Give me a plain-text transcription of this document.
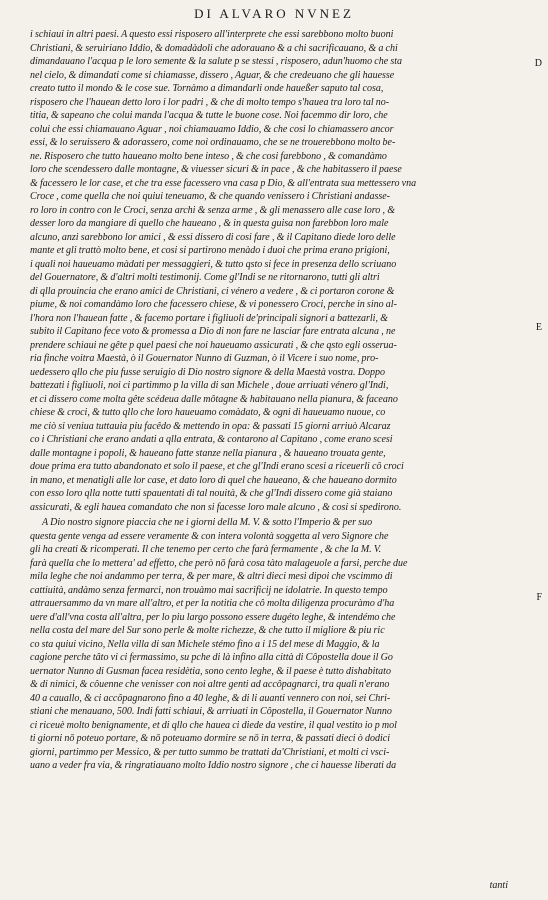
DI ALVARO NVNEZ
D
E
F
i schiaui in altri paesi. A questo essi risposero all'interprete che essi sarebbono molto buoni
Christiani, & seruiriano Iddio, & domadàdoli che adorauano & a chi sacrificauano, & a chi
dimandauano l'acqua p le loro semente & la salute p se stessi , risposero, adun'huomo che sta
nel cielo, & dimandati come si chiamasse, dissero , Aguar, & che credeuano che gli hauesse
creato tutto il mondo & le cose sue. Tornàmo a dimandarli onde haueßer saputo tal cosa,
risposero che l'hauean detto loro i lor padri , & che di molto tempo s'hauea tra loro tal no-
titia, & sapeano che colui manda l'acqua & tutte le buone cose. Noi facemmo dir loro, che
colui che essi chiamauano Aguar , noi chiamauamo Iddio, & che cosi lo chiamassero ancor
essi, & lo seruissero & adorassero, come noi ordinauamo, che se ne trouerebbono molto be-
ne. Risposero che tutto haueano molto bene inteso , & che cosi farebbono , & comandàmo
loro che scendessero dalle montagne, & viuesser sicuri & in pace , & che habitassero il paese
& facessero le lor case, et che tra esse facessero vna casa p Dio, & all'entrata sua mettessero vna
Croce , come quella che noi quiui teneuamo, & che quando venissero i Christiani andasse-
ro loro in contro con le Croci, senza archi & senza arme , & gli menassero alle case loro , &
desser loro da mangiare di quello che haueano , & in questa guisa non farebbon loro male
alcuno, anzi sarebbono lor amici , & essi dissero di cosi fare , & il Capitano diede loro delle
mante et gli trattò molto bene, et cosi si partirono menàdo i duoi che prima erano prigioni,
i quali noi haueuamo màdati per messaggieri, & tutto qsto si fece in presenza dello scriuano
del Gouernatore, & d'altri molti testimonij. Come gl'Indi se ne ritornarono, tutti gli altri
di qlla prouincia che erano amici de Christiani, ci vénero a vedere , & ci portaron corone &
piume, & noi comandàmo loro che facessero chiese, & vi ponessero Croci, perche in sino al-
l'hora non l'hauean fatte , & facemo portare i figliuoli de'principali signori a battezarli, &
subito il Capitano fece voto & promessa a Dio di non fare ne lasciar fare entrata alcuna , ne
prendere schiaui ne gête p quel paesi che noi haueuamo assicurati , & che qsto egli osserua-
ria finche voitra Maestà, ò il Gouernator Nunno di Guzman, ò il Vicere i suo nome, pro-
uedessero qllo che piu fusse seruigio di Dio nostro signore & della Maestà vostra. Doppo
battezati i figliuoli, noi ci partimmo p la villa di san Michele , doue arriuati vénero gl'Indi,
et ci dissero come molta gête scédeua dalle môtagne & habitauano nella pianura, & faceano
chiese & croci, & tutto qllo che loro haueuamo comàdato, & ogni di haueuamo nuoue, co
me ciò si veniua tuttauia piu facêdo & mettendo in opa: & passati 15 giorni arriuò Alcaraz
co i Christiani che erano andati a qlla entrata, & contarono al Capitano , come erano scesi
dalle montagne i popoli, & haueano fatte stanze nella pianura , & haueano trouata gente,
doue prima era tutto abandonato et solo il paese, et che gl'Indi erano scesi a riceuerli cô croci
in mano, et menatigli alle lor case, et dato loro di quel che haueano, & che haueano dormito
con esso loro qlla notte tutti spauentati di tal nouità, & che gl'Indi dissero come già staiano
assicurati, & egli hauea comandato che non si facesse loro male alcuno , & cosi si spedirono.
A Dio nostro signore piaccia che ne i giorni della M. V. & sotto l'Imperio & per suo
questa gente venga ad essere veramente & con intera volontà soggetta al vero Signore che
gli ha creati & ricomperati. Il che tenemo per certo che farà fermamente , & che la M. V.
farà quella che lo mettera' ad effetto, che però nō farà cosa tàto malageuole a farsi, perche due
mila leghe che noi andammo per terra, & per mare, & altri dieci mesi dipoi che vscimmo di
cattiuità, andàmo senza fermarci, non trouàmo mai sacrificij ne idolatrie. In questo tempo
attrauersammo da vn mare all'altro, et per la notitia che cô molta diligenza procuràmo d'ha
uere d'all'vna costa all'altra, per lo piu largo possono essere dugéto leghe, & intendémo che
nella costa del mare del Sur sono perle & molte richezze, & che tutto il migliore & piu ric
co sta quiui vicino, Nella villa di san Michele stémo fino a i 15 del mese di Maggio, & la
cagione perche tâto vi ci fermassimo, su pche di là infino alla città di Côpostella doue il Go
uernator Nunno di Gusman facea residètia, sono cento leghe, & il paese è tutto dishabitato
& di nimici, & côuenne che venisser con noi altre genti ad accôpagnarci, tra quali n'erano
40 a cauallo, & ci accôpagnarono fino a 40 leghe, & di li auanti vennero con noi, sei Chri-
stiani che menauano, 500. Indi fatti schiaui, & arriuati in Côpostella, il Gouernator Nunno
ci riceuè molto benignamente, et di qllo che hauea ci diede da vestire, il qual vestito io p mol
ti giorni nō poteuo portare, & nō poteuamo dormire se nō in terra, & passati dieci ò dodici
giorni, partimmo per Messico, & per tutto summo be trattati da'Christiani, et molti ci vsci-
uano a veder fra via, & ringratiauano molto Iddio nostro signore , che ci hauesse liberati da
tanti
